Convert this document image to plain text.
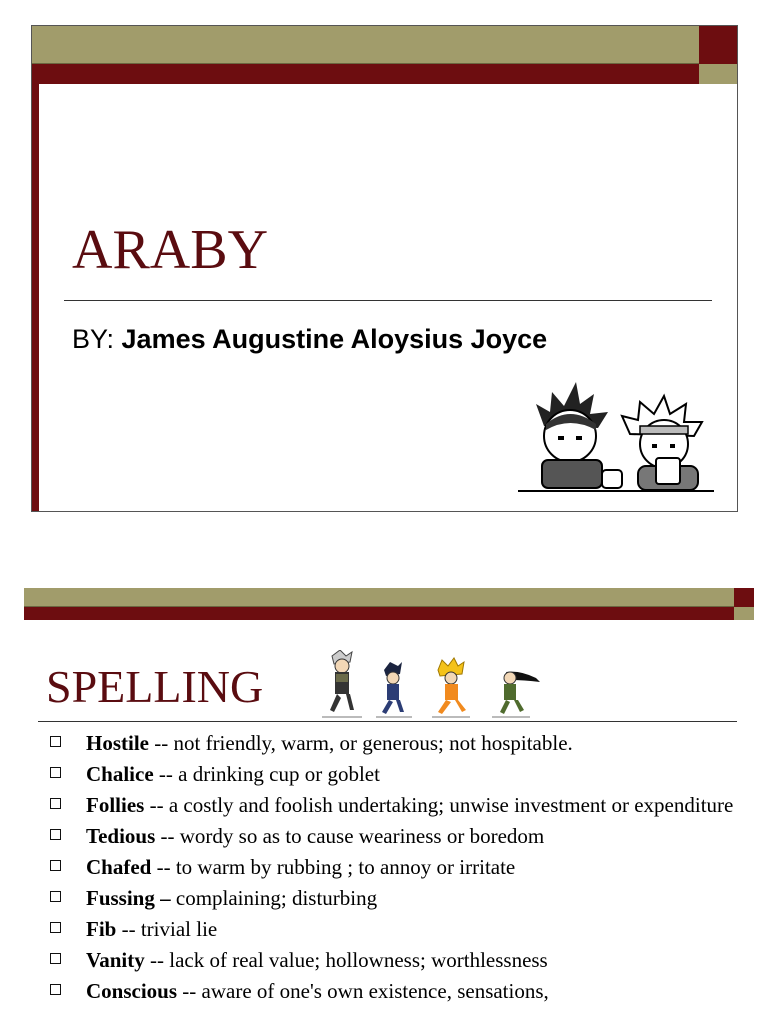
ARABY
BY: James Augustine Aloysius Joyce
SPELLING
Hostile -- not friendly, warm, or generous; not hospitable.
Chalice -- a drinking cup or goblet
Follies -- a costly and foolish undertaking; unwise investment or expenditure
Tedious -- wordy so as to cause weariness or boredom
Chafed -- to warm by rubbing ; to annoy or irritate
Fussing – complaining; disturbing
Fib -- trivial lie
Vanity -- lack of real value; hollowness; worthlessness
Conscious -- aware of one's own existence, sensations,
